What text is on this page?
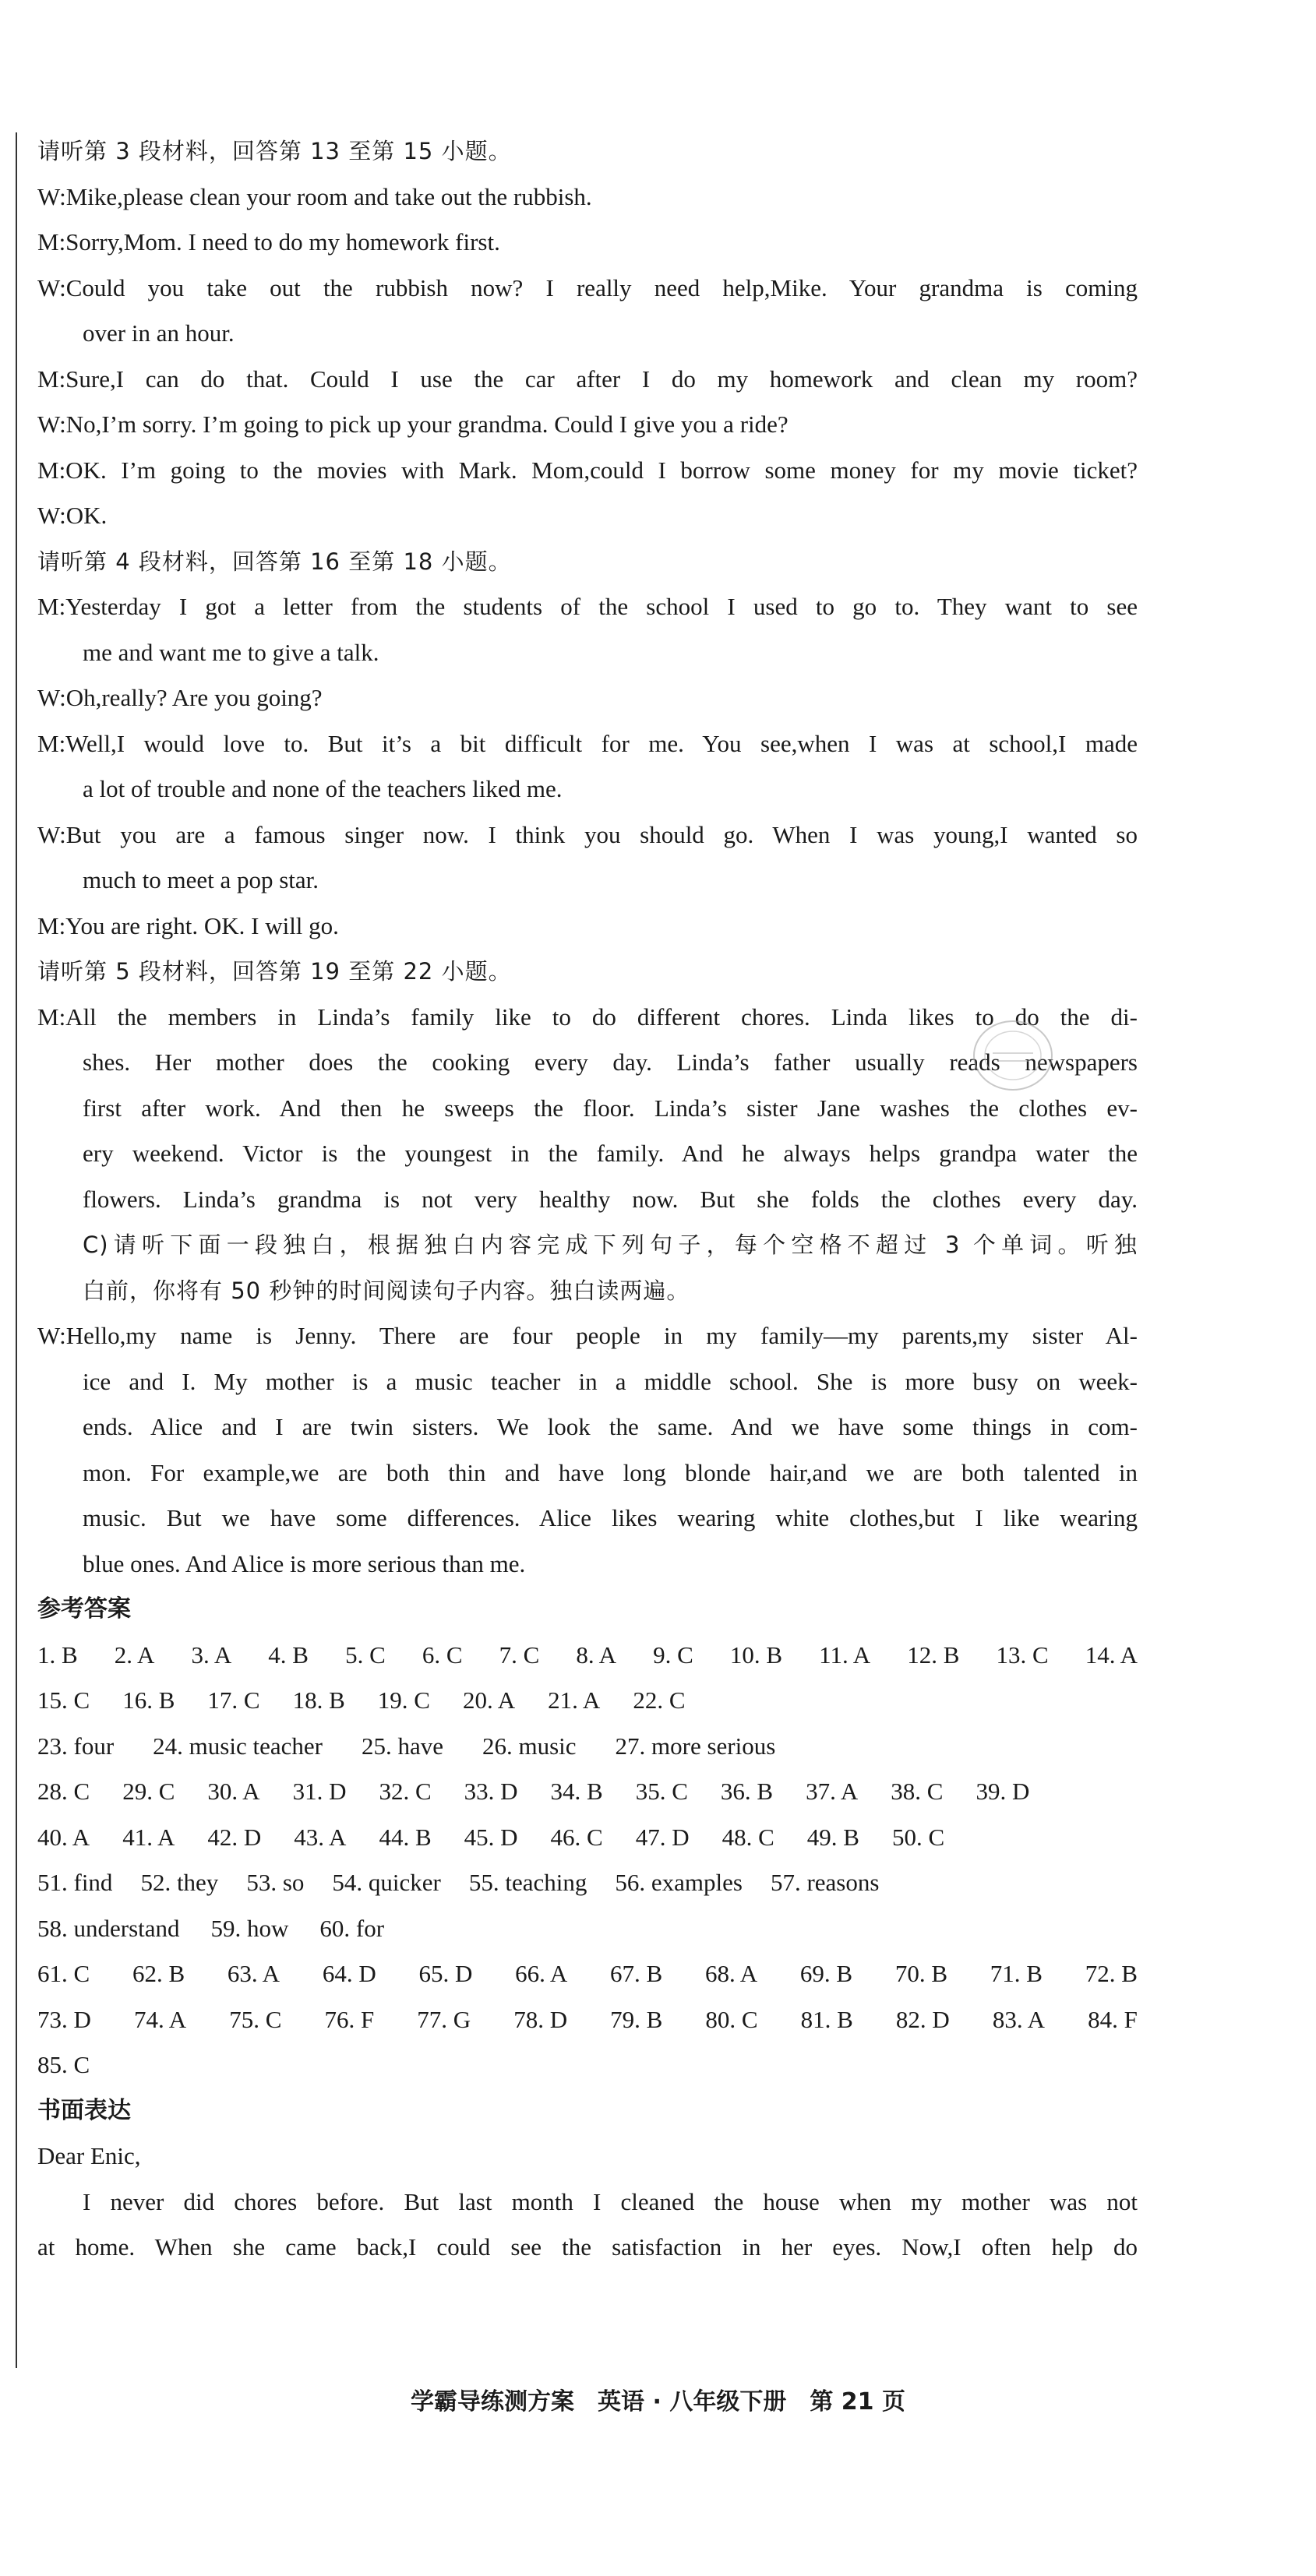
请听第 3 段材料，回答第 13 至第 15 小题。
W:Mike,please clean your room and take out the rubbish.
M:Sorry,Mom. I need to do my homework first.
W:Could you take out the rubbish now? I really need help,Mike. Your grandma is coming
over in an hour.
M:Sure,I can do that. Could I use the car after I do my homework and clean my room?
W:No,I’m sorry. I’m going to pick up your grandma. Could I give you a ride?
M:OK. I’m going to the movies with Mark. Mom,could I borrow some money for my movie ticket?
W:OK.
请听第 4 段材料，回答第 16 至第 18 小题。
M:Yesterday I got a letter from the students of the school I used to go to. They want to see
me and want me to give a talk.
W:Oh,really? Are you going?
M:Well,I would love to. But it’s a bit difficult for me. You see,when I was at school,I made
a lot of trouble and none of the teachers liked me.
W:But you are a famous singer now. I think you should go. When I was young,I wanted so
much to meet a pop star.
M:You are right. OK. I will go.
请听第 5 段材料，回答第 19 至第 22 小题。
M:All the members in Linda’s family like to do different chores. Linda likes to do the di-
shes. Her mother does the cooking every day. Linda’s father usually reads newspapers
first after work. And then he sweeps the floor. Linda’s sister Jane washes the clothes ev-
ery weekend. Victor is the youngest in the family. And he always helps grandpa water the
flowers. Linda’s grandma is not very healthy now. But she folds the clothes every day.
C)请听下面一段独白，根据独白内容完成下列句子，每个空格不超过 3 个单词。听独
白前，你将有 50 秒钟的时间阅读句子内容。独白读两遍。
W:Hello,my name is Jenny. There are four people in my family—my parents,my sister Al-
ice and I. My mother is a music teacher in a middle school. She is more busy on week-
ends. Alice and I are twin sisters. We look the same. And we have some things in com-
mon. For example,we are both thin and have long blonde hair,and we are both talented in
music. But we have some differences. Alice likes wearing white clothes,but I like wearing
blue ones. And Alice is more serious than me.
参考答案
1. B 2. A 3. A 4. B 5. C 6. C 7. C 8. A 9. C 10. B 11. A 12. B 13. C 14. A
15. C 16. B 17. C 18. B 19. C 20. A 21. A 22. C
23. four 24. music teacher 25. have 26. music 27. more serious
28. C 29. C 30. A 31. D 32. C 33. D 34. B 35. C 36. B 37. A 38. C 39. D
40. A 41. A 42. D 43. A 44. B 45. D 46. C 47. D 48. C 49. B 50. C
51. find 52. they 53. so 54. quicker 55. teaching 56. examples 57. reasons
58. understand 59. how 60. for
61. C 62. B 63. A 64. D 65. D 66. A 67. B 68. A 69. B 70. B 71. B 72. B
73. D 74. A 75. C 76. F 77. G 78. D 79. B 80. C 81. B 82. D 83. A 84. F
85. C
书面表达
Dear Enic,
I never did chores before. But last month I cleaned the house when my mother was not
at home. When she came back,I could see the satisfaction in her eyes. Now,I often help do
学霸导练测方案　英语 · 八年级下册　第 21 页
